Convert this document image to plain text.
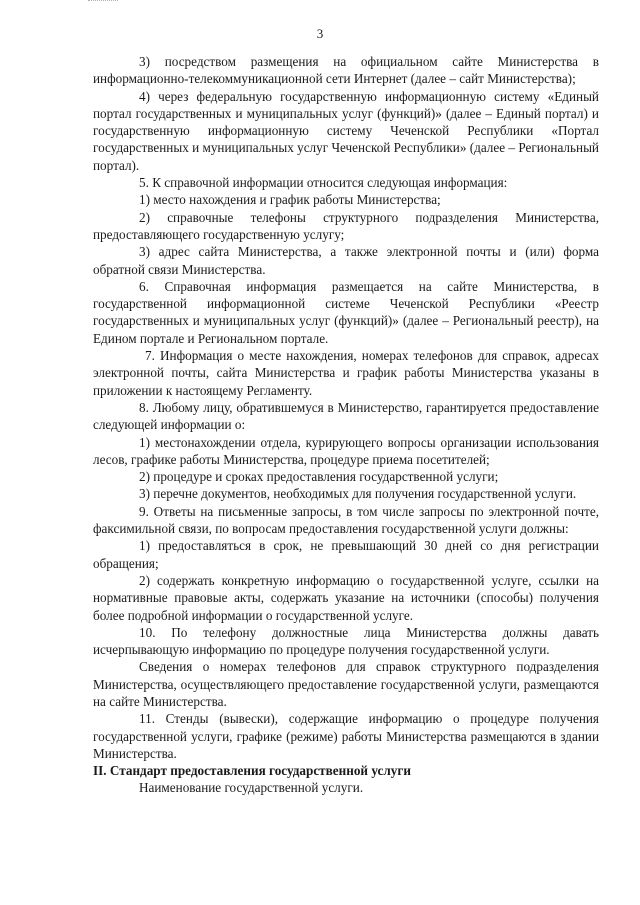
3

3) посредством размещения на официальном сайте Министерства в информационно-телекоммуникационной сети Интернет (далее – сайт Министерства);

4) через федеральную государственную информационную систему «Единый портал государственных и муниципальных услуг (функций)» (далее – Единый портал) и государственную информационную систему Чеченской Республики «Портал государственных и муниципальных услуг Чеченской Республики» (далее – Региональный портал).

5. К справочной информации относится следующая информация:

1) место нахождения и график работы Министерства;

2) справочные телефоны структурного подразделения Министерства, предоставляющего государственную услугу;

3) адрес сайта Министерства, а также электронной почты и (или) форма обратной связи Министерства.

6. Справочная информация размещается на сайте Министерства, в государственной информационной системе Чеченской Республики «Реестр государственных и муниципальных услуг (функций)» (далее – Региональный реестр), на Едином портале и Региональном портале.

7. Информация о месте нахождения, номерах телефонов для справок, адресах электронной почты, сайта Министерства и график работы Министерства указаны в приложении к настоящему Регламенту.

8. Любому лицу, обратившемуся в Министерство, гарантируется предоставление следующей информации о:

1) местонахождении отдела, курирующего вопросы организации использования лесов, графике работы Министерства, процедуре приема посетителей;

2) процедуре и сроках предоставления государственной услуги;

3) перечне документов, необходимых для получения государственной услуги.

9. Ответы на письменные запросы, в том числе запросы по электронной почте, факсимильной связи, по вопросам предоставления государственной услуги должны:

1) предоставляться в срок, не превышающий 30 дней со дня регистрации обращения;

2) содержать конкретную информацию о государственной услуге, ссылки на нормативные правовые акты, содержать указание на источники (способы) получения более подробной информации о государственной услуге.

10. По телефону должностные лица Министерства должны давать исчерпывающую информацию по процедуре получения государственной услуги.

Сведения о номерах телефонов для справок структурного подразделения Министерства, осуществляющего предоставление государственной услуги, размещаются на сайте Министерства.

11. Стенды (вывески), содержащие информацию о процедуре получения государственной услуги, графике (режиме) работы Министерства размещаются в здании Министерства.

II. Стандарт предоставления государственной услуги

Наименование государственной услуги.
